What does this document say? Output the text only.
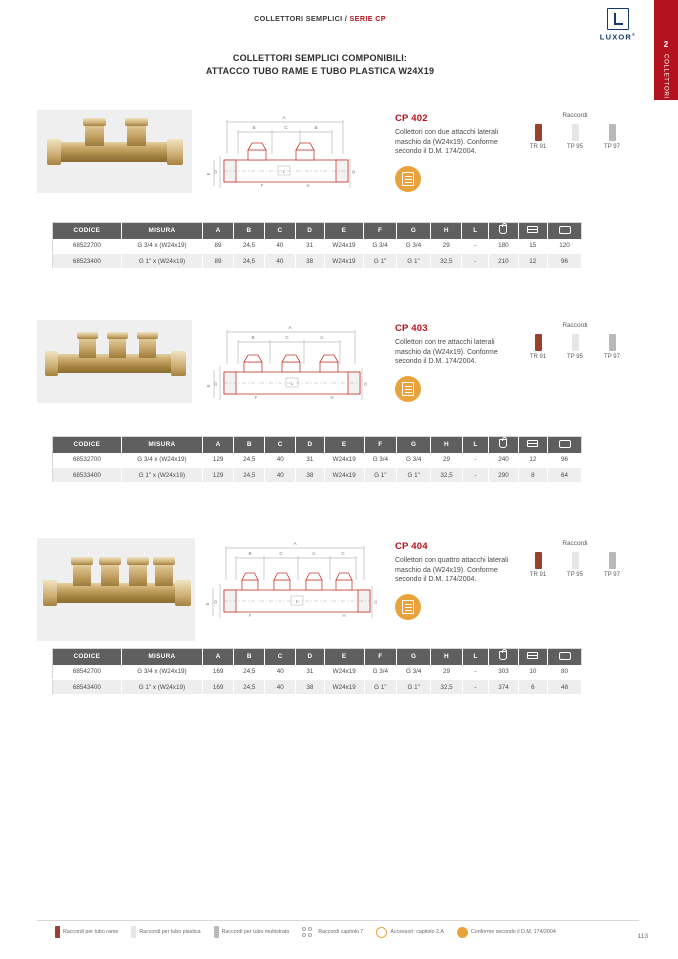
2
COLLETTORI
COLLETTORI SEMPLICI / SERIE CP
LUXOR®
COLLETTORI SEMPLICI COMPONIBILI:
ATTACCO TUBO RAME E TUBO PLASTICA W24X19
A
B	C	B
D
E
G
L
F	H
CP 402
Collettori con due attacchi laterali maschio da (W24x19). Conforme secondo il D.M. 174/2004.
Raccordi
TR 91	TP 95	TP 97
CODICE	MISURA	A	B	C	D	E	F	G	H	L			
68522700	G 3/4 x (W24x19)	89	24,5	40	31	W24x19	G 3/4	G 3/4	29	-	180	15	120
68523400	G 1" x (W24x19)	89	24,5	40	38	W24x19	G 1"	G 1"	32,5	-	210	12	96
A
B	C	C
D
E
G
L
F	H
CP 403
Collettori con tre attacchi laterali maschio da (W24x19). Conforme secondo il D.M. 174/2004.
Raccordi
TR 91	TP 95	TP 97
CODICE	MISURA	A	B	C	D	E	F	G	H	L			
68532700	G 3/4 x (W24x19)	129	24,5	40	31	W24x19	G 3/4	G 3/4	29	-	240	12	96
68533400	G 1" x (W24x19)	129	24,5	40	38	W24x19	G 1"	G 1"	32,5	-	290	8	64
A
B	C	C	C
D
E
G
L
F	H
CP 404
Collettori con quattro attacchi laterali maschio da (W24x19). Conforme secondo il D.M. 174/2004.
Raccordi
TR 91	TP 95	TP 97
CODICE	MISURA	A	B	C	D	E	F	G	H	L			
68542700	G 3/4 x (W24x19)	169	24,5	40	31	W24x19	G 3/4	G 3/4	29	-	303	10	80
68543400	G 1" x (W24x19)	169	24,5	40	38	W24x19	G 1"	G 1"	32,5	-	374	6	48
Raccordi per tubo rame	Raccordi per tubo plastica	Raccordi per tubo multistrato	Raccordi capitolo 7	Accessori: capitolo 2.A	Conforme secondo il D.M. 174/2004
113
